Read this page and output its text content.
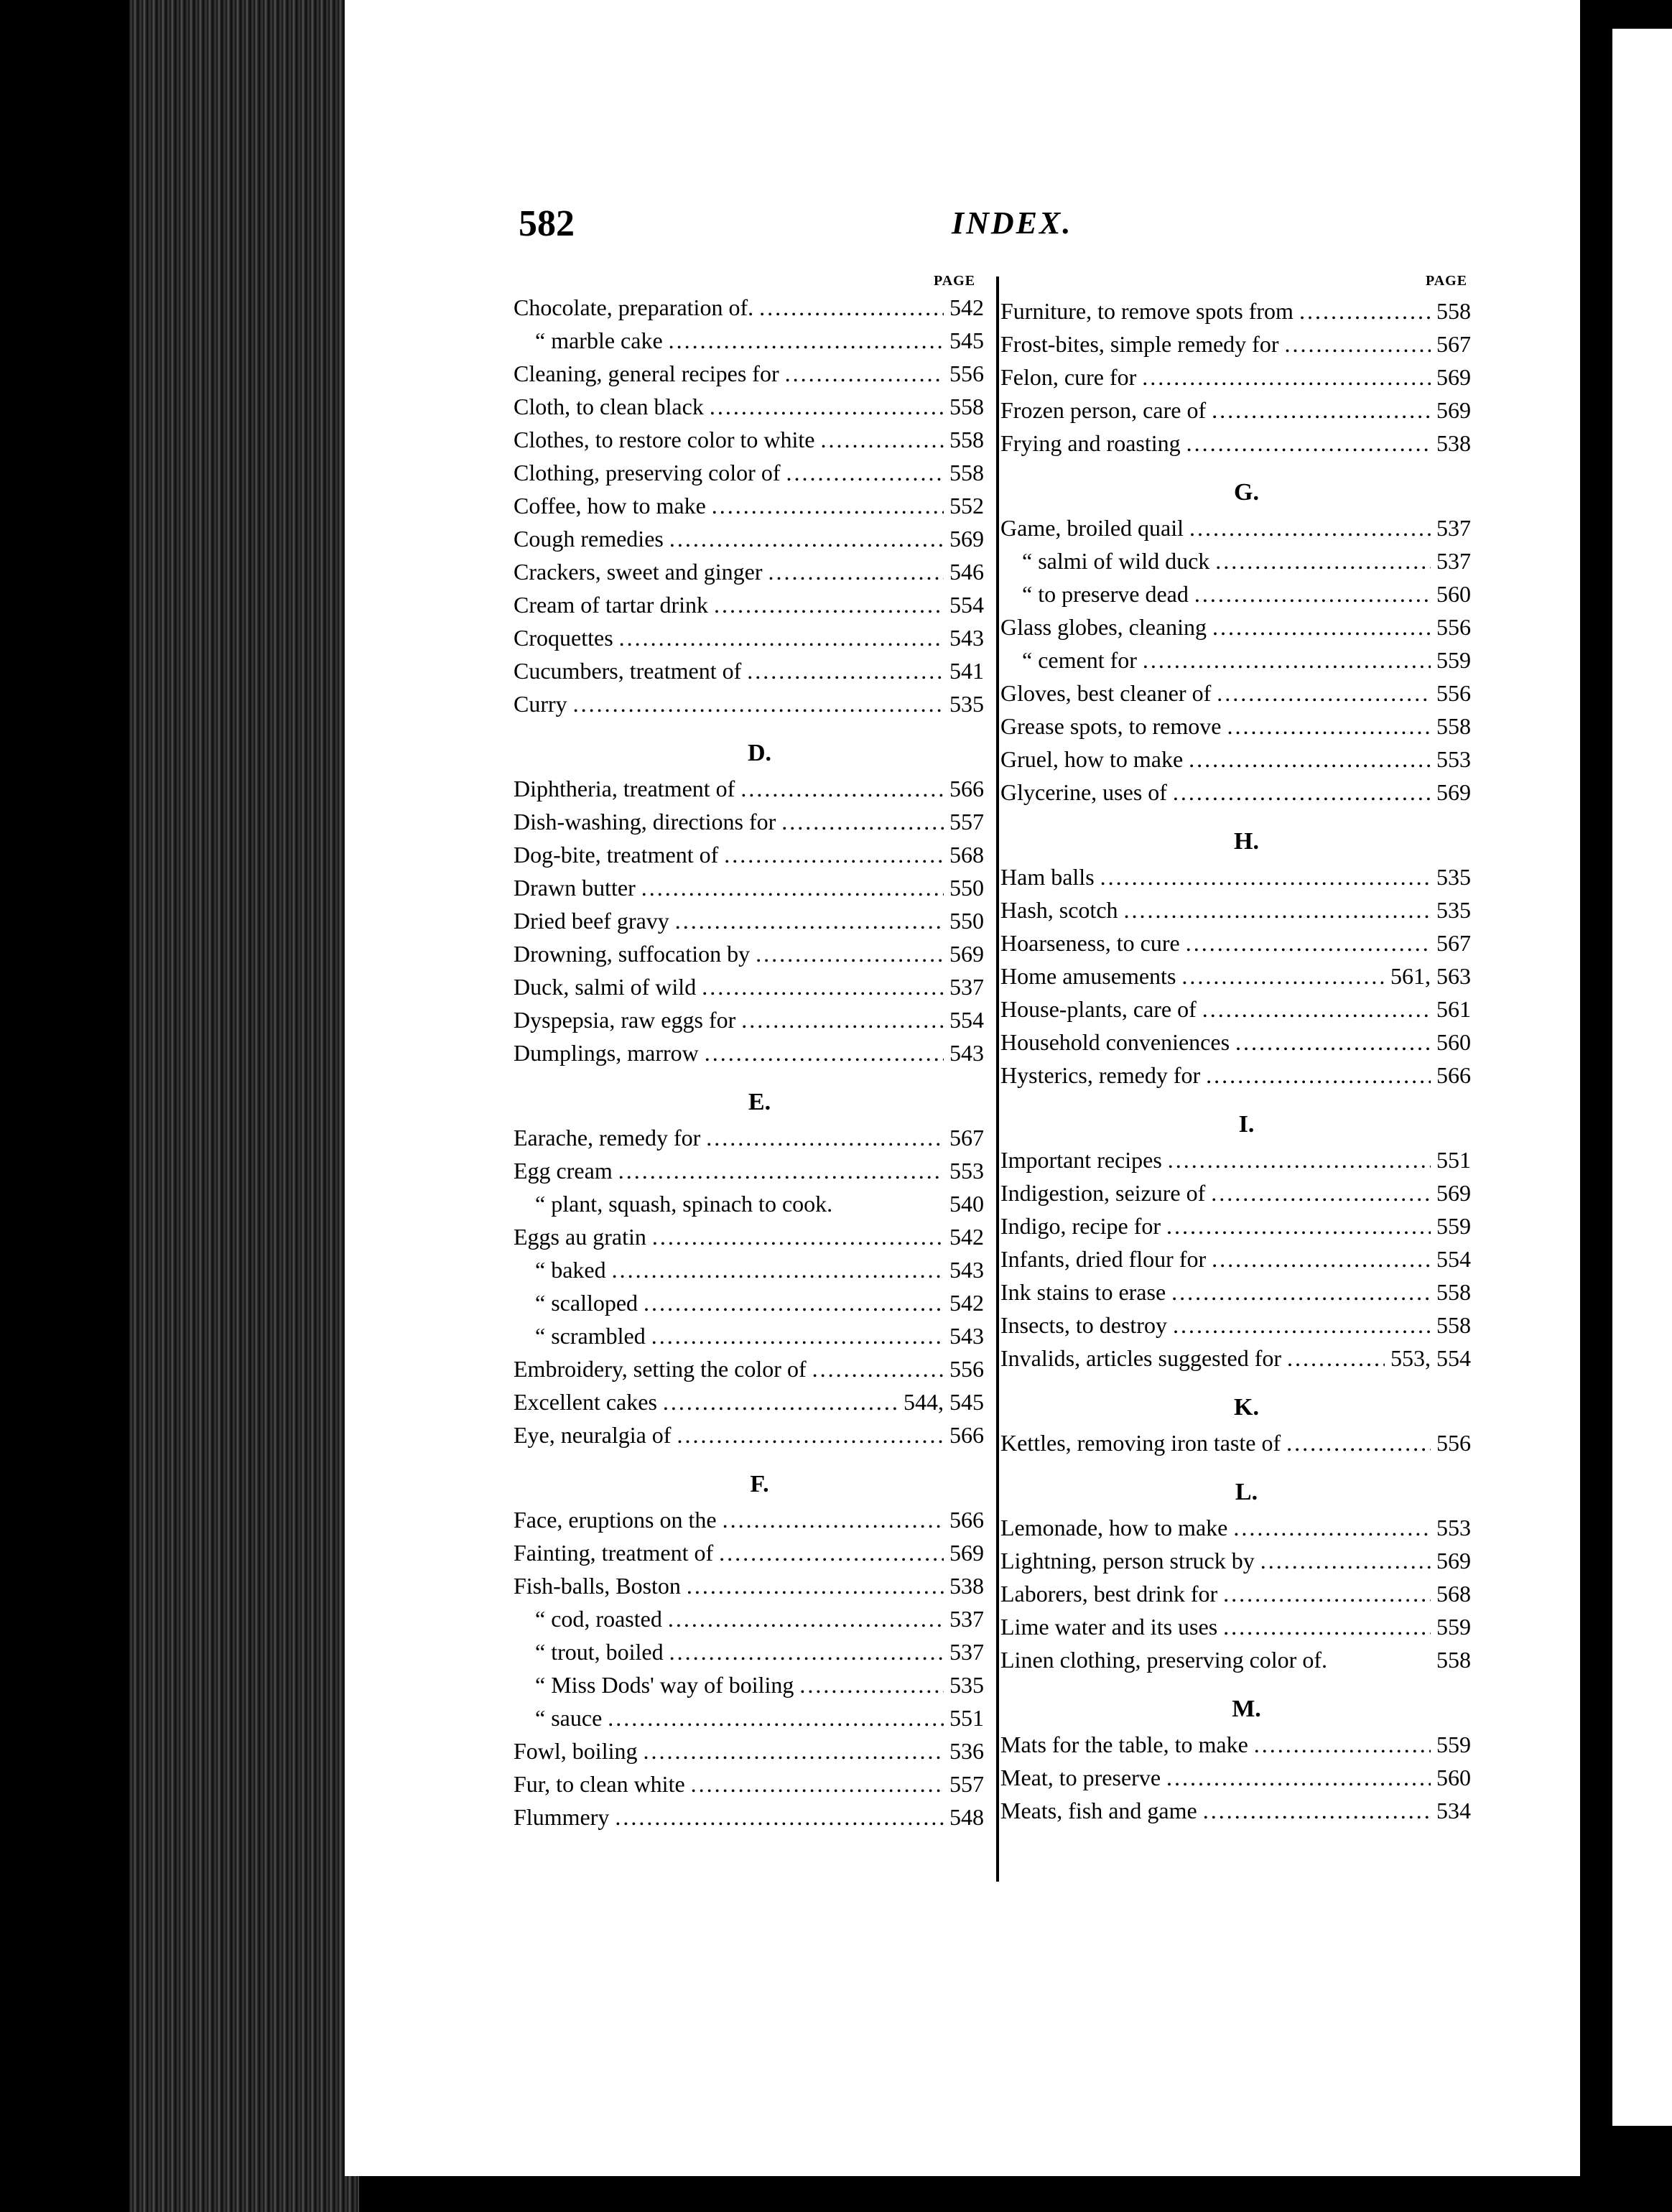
582	INDEX.
PAGE	PAGE
Chocolate, preparation of. .....	542
“ marble cake .....	545
Cleaning, general recipes for .....	556
Cloth, to clean black .....	558
Clothes, to restore color to white .....	558
Clothing, preserving color of .....	558
Coffee, how to make .....	552
Cough remedies .....	569
Crackers, sweet and ginger .....	546
Cream of tartar drink .....	554
Croquettes .....	543
Cucumbers, treatment of .....	541
Curry .....	535
D.
Diphtheria, treatment of .....	566
Dish-washing, directions for .....	557
Dog-bite, treatment of .....	568
Drawn butter .....	550
Dried beef gravy .....	550
Drowning, suffocation by .....	569
Duck, salmi of wild .....	537
Dyspepsia, raw eggs for .....	554
Dumplings, marrow .....	543
E.
Earache, remedy for .....	567
Egg cream .....	553
“ plant, squash, spinach to cook.	540
Eggs au gratin .....	542
“ baked .....	543
“ scalloped .....	542
“ scrambled .....	543
Embroidery, setting the color of .....	556
Excellent cakes .....	544, 545
Eye, neuralgia of .....	566
F.
Face, eruptions on the .....	566
Fainting, treatment of .....	569
Fish-balls, Boston .....	538
“ cod, roasted .....	537
“ trout, boiled .....	537
“ Miss Dods' way of boiling .....	535
“ sauce .....	551
Fowl, boiling .....	536
Fur, to clean white .....	557
Flummery .....	548
Furniture, to remove spots from .....	558
Frost-bites, simple remedy for .....	567
Felon, cure for .....	569
Frozen person, care of .....	569
Frying and roasting .....	538
G.
Game, broiled quail .....	537
“ salmi of wild duck .....	537
“ to preserve dead .....	560
Glass globes, cleaning .....	556
“ cement for .....	559
Gloves, best cleaner of .....	556
Grease spots, to remove .....	558
Gruel, how to make .....	553
Glycerine, uses of .....	569
H.
Ham balls .....	535
Hash, scotch .....	535
Hoarseness, to cure .....	567
Home amusements .....	561, 563
House-plants, care of .....	561
Household conveniences .....	560
Hysterics, remedy for .....	566
I.
Important recipes .....	551
Indigestion, seizure of .....	569
Indigo, recipe for .....	559
Infants, dried flour for .....	554
Ink stains to erase .....	558
Insects, to destroy .....	558
Invalids, articles suggested for .....	553, 554
K.
Kettles, removing iron taste of .....	556
L.
Lemonade, how to make .....	553
Lightning, person struck by .....	569
Laborers, best drink for .....	568
Lime water and its uses .....	559
Linen clothing, preserving color of.	558
M.
Mats for the table, to make .....	559
Meat, to preserve .....	560
Meats, fish and game .....	534
